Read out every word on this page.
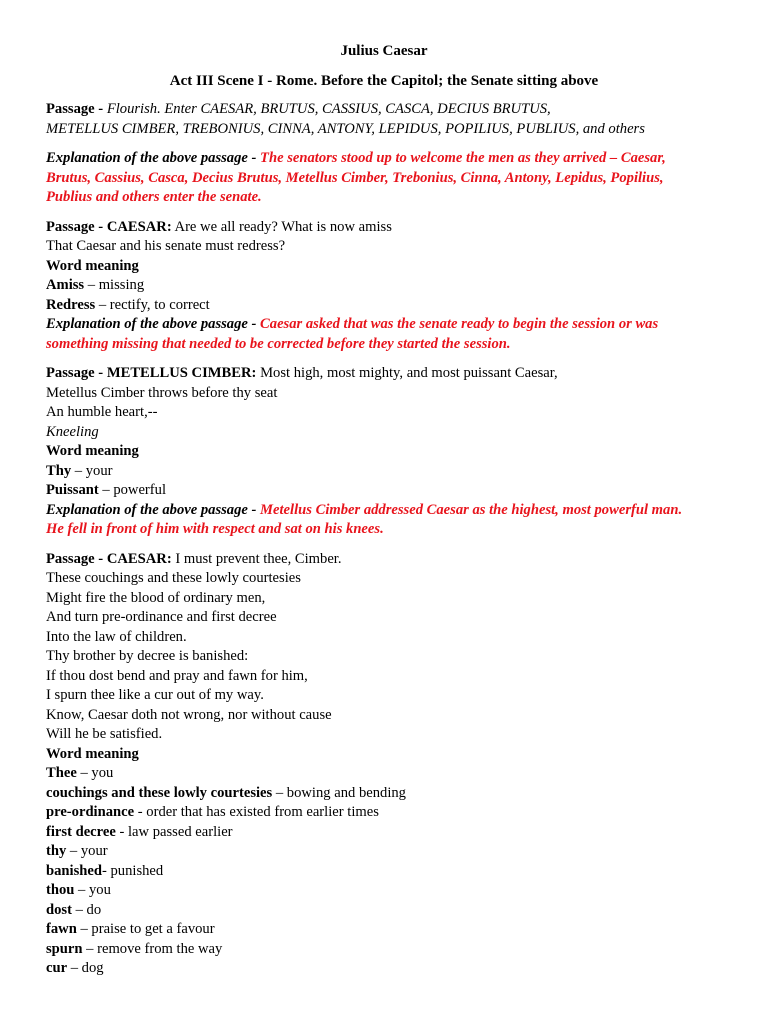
Julius Caesar
Act III Scene I - Rome. Before the Capitol; the Senate sitting above
Passage - Flourish. Enter CAESAR, BRUTUS, CASSIUS, CASCA, DECIUS BRUTUS,
METELLUS CIMBER, TREBONIUS, CINNA, ANTONY, LEPIDUS, POPILIUS, PUBLIUS, and others
Explanation of the above passage - The senators stood up to welcome the men as they arrived – Caesar,
Brutus, Cassius, Casca, Decius Brutus, Metellus Cimber, Trebonius, Cinna, Antony, Lepidus, Popilius,
Publius and others enter the senate.
Passage - CAESAR: Are we all ready? What is now amiss
That Caesar and his senate must redress?
Word meaning
Amiss – missing
Redress – rectify, to correct
Explanation of the above passage - Caesar asked that was the senate ready to begin the session or was
something missing that needed to be corrected before they started the session.
Passage - METELLUS CIMBER: Most high, most mighty, and most puissant Caesar,
Metellus Cimber throws before thy seat
An humble heart,--
Kneeling
Word meaning
Thy – your
Puissant – powerful
Explanation of the above passage - Metellus Cimber addressed Caesar as the highest, most powerful man.
He fell in front of him with respect and sat on his knees.
Passage - CAESAR: I must prevent thee, Cimber.
These couchings and these lowly courtesies
Might fire the blood of ordinary men,
And turn pre-ordinance and first decree
Into the law of children.
Thy brother by decree is banished:
If thou dost bend and pray and fawn for him,
I spurn thee like a cur out of my way.
Know, Caesar doth not wrong, nor without cause
Will he be satisfied.
Word meaning
Thee – you
couchings and these lowly courtesies – bowing and bending
pre-ordinance - order that has existed from earlier times
first decree - law passed earlier
thy – your
banished- punished
thou – you
dost – do
fawn – praise to get a favour
spurn – remove from the way
cur – dog
